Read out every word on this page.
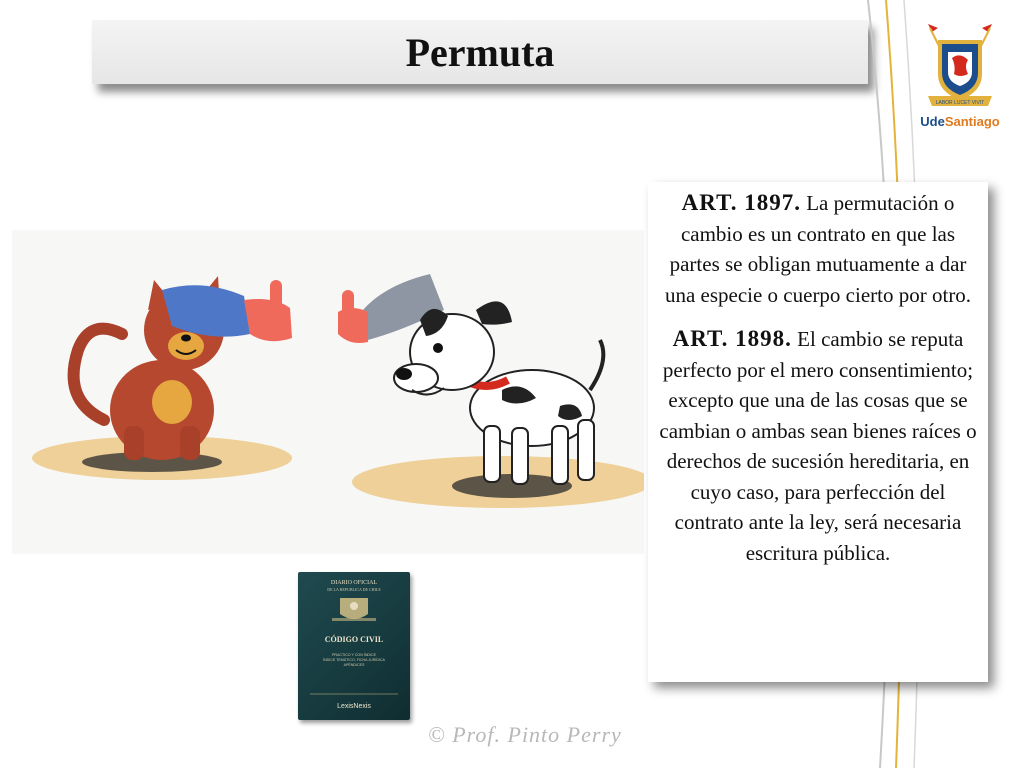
Permuta
LABOR LUCET VIVIT
UdeSantiago
DIARIO OFICIAL
DE LA REPUBLICA DE CHILE
CÓDIGO CIVIL
PRACTICO Y CON ÍNDICE
ÍNDICE TEMÁTICO, FICHA JURÍDICA
APÉNDICES
LexisNexis

ART. 1897. La permutación o cambio es un contrato en que las partes se obligan mutuamente a dar una especie o cuerpo cierto por otro.

ART. 1898. El cambio se reputa perfecto por el mero consentimiento; excepto que una de las cosas que se cambian o ambas sean bienes raíces o derechos de sucesión hereditaria, en cuyo caso, para perfección del contrato ante la ley, será necesaria escritura pública.

© Prof. Pinto Perry
